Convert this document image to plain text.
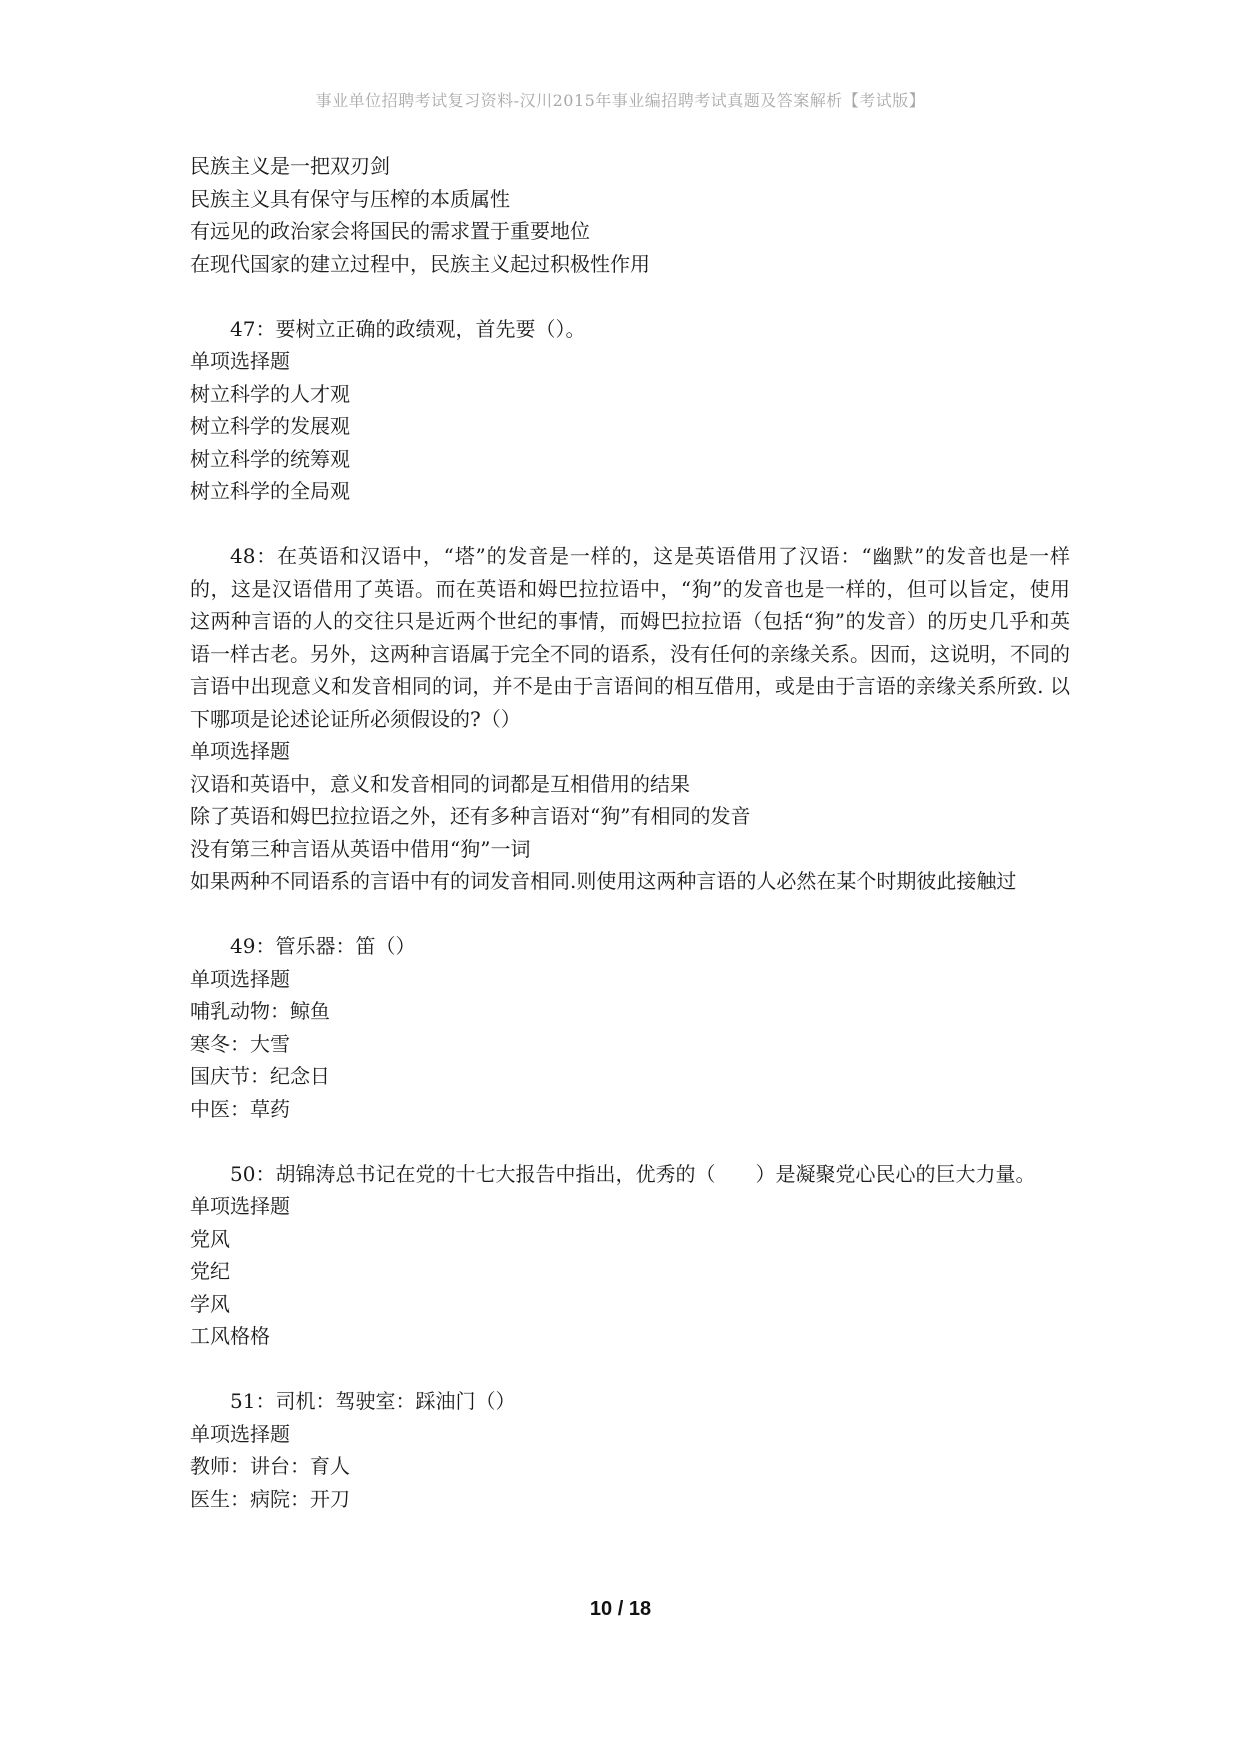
事业单位招聘考试复习资料-汉川2015年事业编招聘考试真题及答案解析【考试版】

民族主义是一把双刃剑

民族主义具有保守与压榨的本质属性

有远见的政治家会将国民的需求置于重要地位

在现代国家的建立过程中，民族主义起过积极性作用

47：要树立正确的政绩观，首先要（）。

单项选择题

树立科学的人才观

树立科学的发展观

树立科学的统筹观

树立科学的全局观

48：在英语和汉语中，“塔”的发音是一样的，这是英语借用了汉语：“幽默”的发音也是一样的，这是汉语借用了英语。而在英语和姆巴拉拉语中，“狗”的发音也是一样的，但可以旨定，使用这两种言语的人的交往只是近两个世纪的事情，而姆巴拉拉语（包括“狗”的发音）的历史几乎和英语一样古老。另外，这两种言语属于完全不同的语系，没有任何的亲缘关系。因而，这说明，不同的言语中出现意义和发音相同的词，并不是由于言语间的相互借用，或是由于言语的亲缘关系所致. 以下哪项是论述论证所必须假设的?（）

单项选择题

汉语和英语中，意义和发音相同的词都是互相借用的结果

除了英语和姆巴拉拉语之外，还有多种言语对“狗”有相同的发音

没有第三种言语从英语中借用“狗”一词

如果两种不同语系的言语中有的词发音相同.则使用这两种言语的人必然在某个时期彼此接触过

49：管乐器：笛（）

单项选择题

哺乳动物：鲸鱼

寒冬：大雪

国庆节：纪念日

中医：草药

50：胡锦涛总书记在党的十七大报告中指出，优秀的（　　）是凝聚党心民心的巨大力量。

单项选择题

党风

党纪

学风

工风格格

51：司机：驾驶室：踩油门（）

单项选择题

教师：讲台：育人

医生：病院：开刀

10 / 18
